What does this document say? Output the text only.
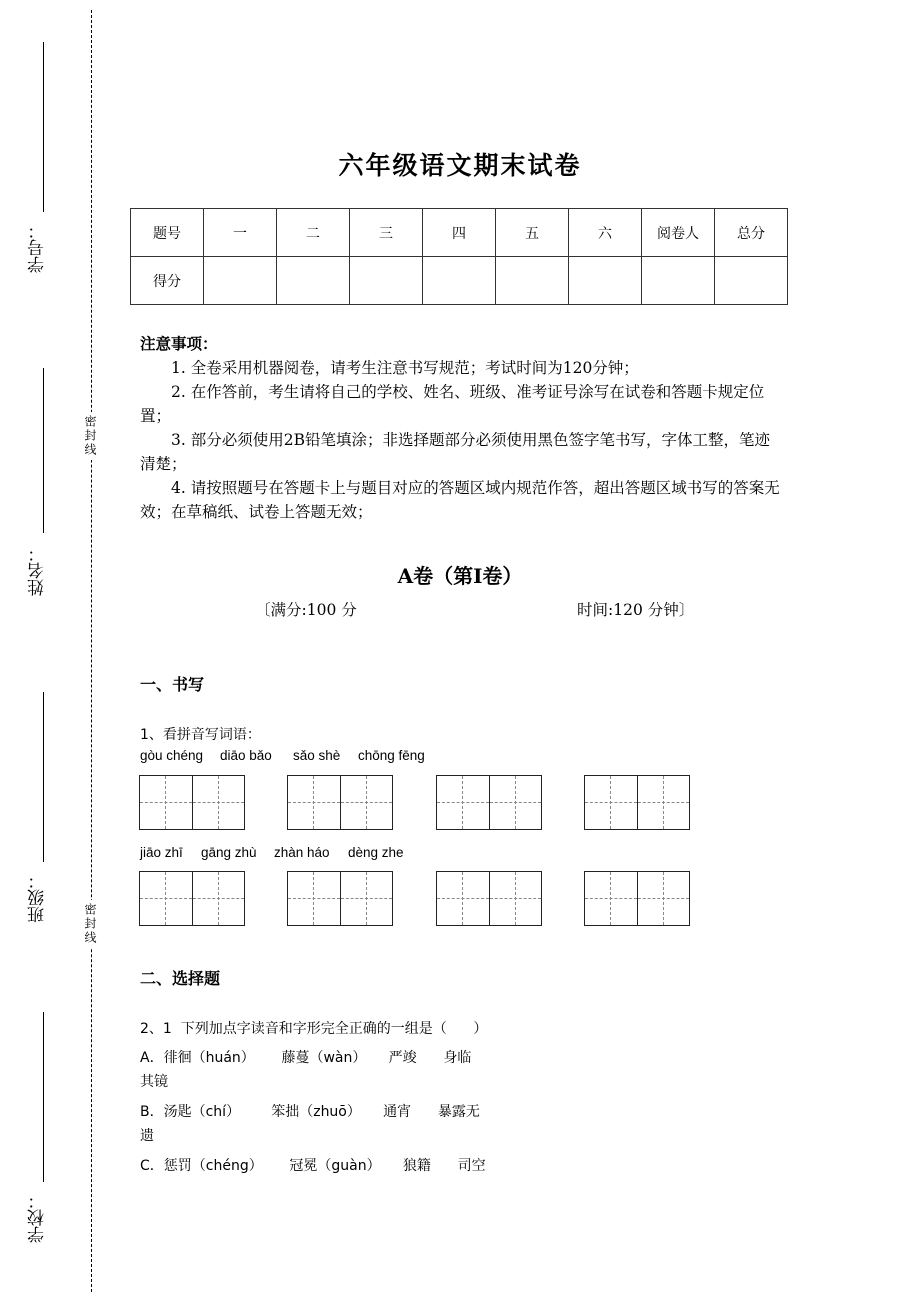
学号：
姓名：
班级：
学校：
密封线
密封线
六年级语文期末试卷
题号	一	二	三	四	五	六	阅卷人	总分
得分								
注意事项：

1. 全卷采用机器阅卷，请考生注意书写规范；考试时间为120分钟；

2. 在作答前，考生请将自己的学校、姓名、班级、准考证号涂写在试卷和答题卡规定位置；

3. 部分必须使用2B铅笔填涂；非选择题部分必须使用黑色签字笔书写，字体工整，笔迹清楚；

4. 请按照题号在答题卡上与题目对应的答题区域内规范作答，超出答题区域书写的答案无效；在草稿纸、试卷上答题无效；

A卷（第I卷）
〔满分:100 分	时间:120 分钟〕
一、书写
1、看拼音写词语：
gòu chéng diāo bǎo sǎo shè chōng fēng
jiāo zhī gāng zhù zhàn háo dèng zhe
二、选择题
2、1  下列加点字读音和字形完全正确的一组是（      ）
A．徘徊（huán）      藤蔓（wàn）     严竣      身临
其镜
B．汤匙（chí）       笨拙（zhuō）     通宵      暴露无
遗
C．惩罚（chéng）      冠冕（guàn）     狼籍      司空
